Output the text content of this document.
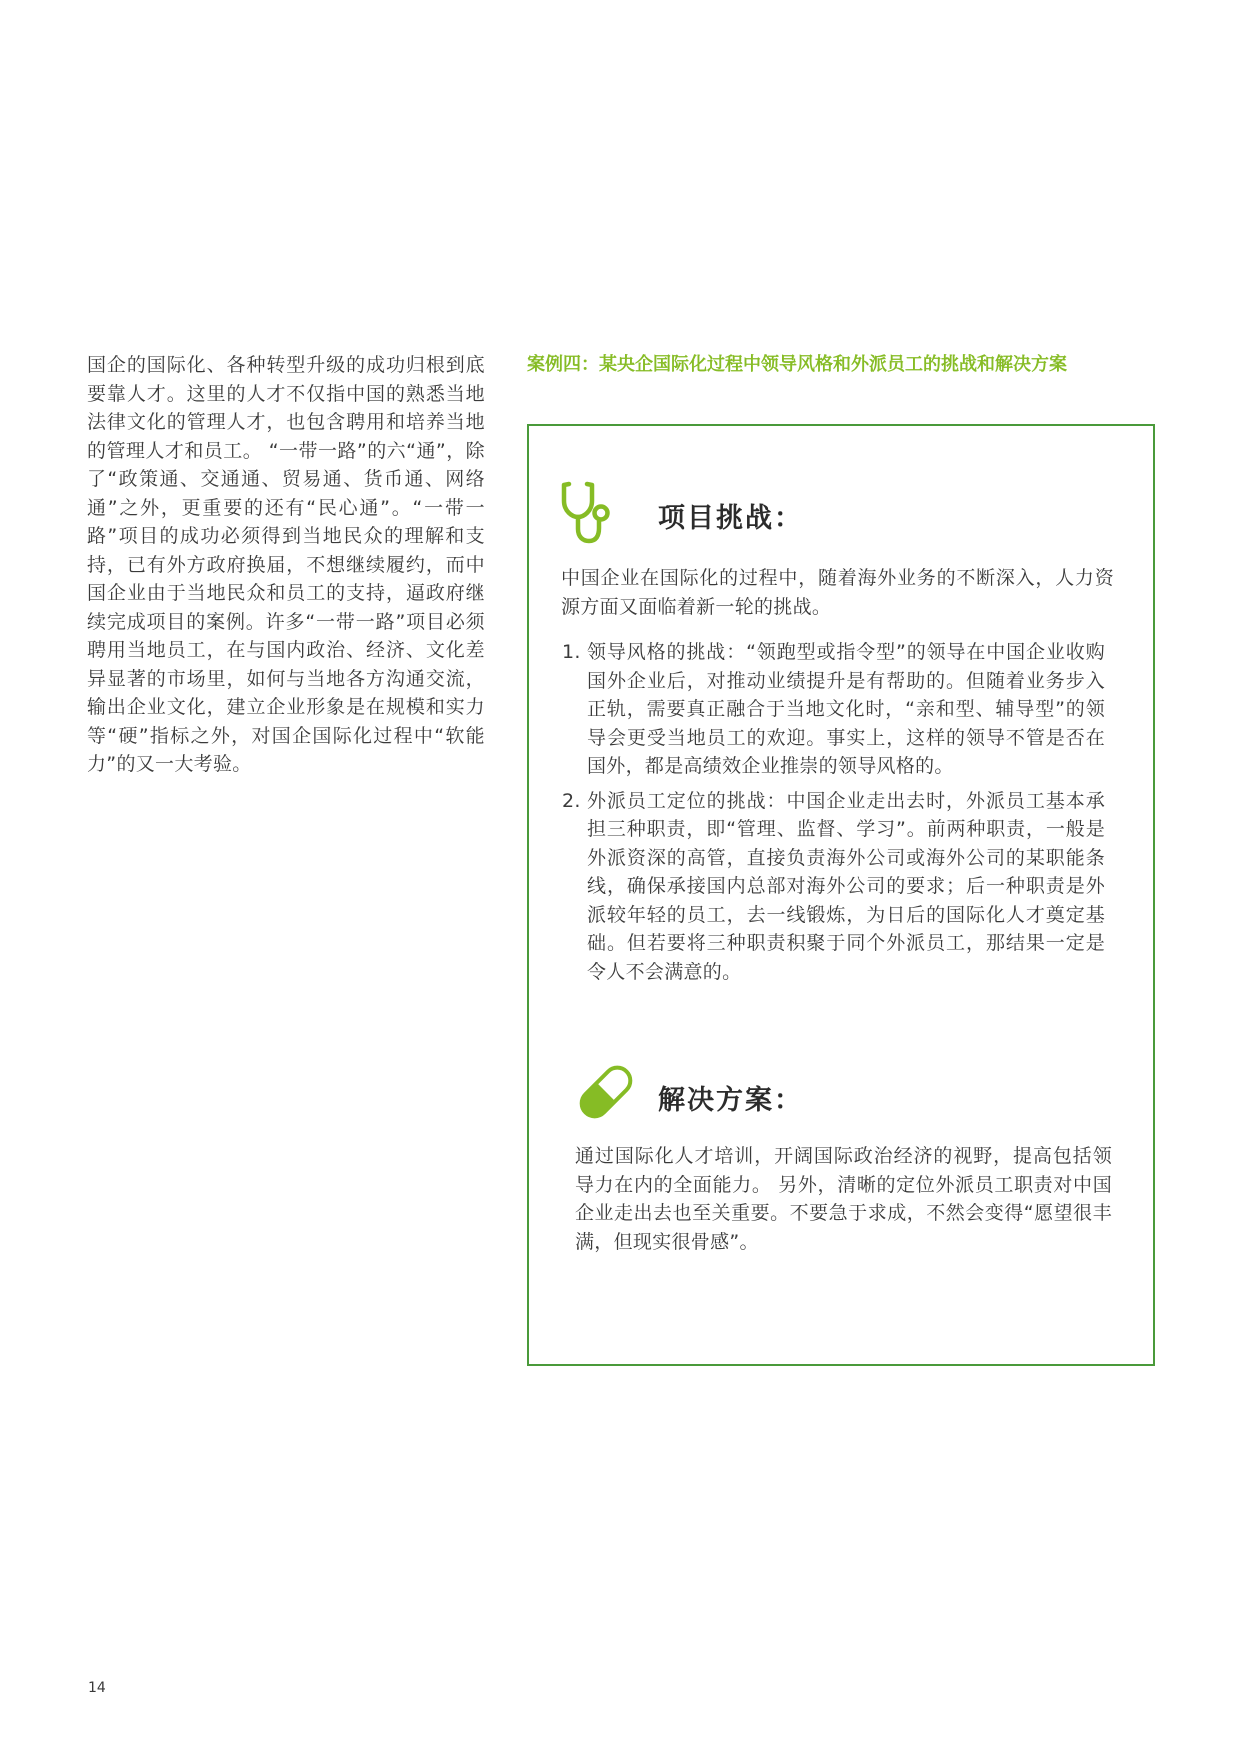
国企的国际化、各种转型升级的成功归根到底要靠人才。这里的人才不仅指中国的熟悉当地法律文化的管理人才，也包含聘用和培养当地的管理人才和员工。 “一带一路”的六“通”，除了“政策通、交通通、贸易通、货币通、网络通”之外，更重要的还有“民心通”。“一带一路”项目的成功必须得到当地民众的理解和支持，已有外方政府换届，不想继续履约，而中国企业由于当地民众和员工的支持，逼政府继续完成项目的案例。许多“一带一路”项目必须聘用当地员工，在与国内政治、经济、文化差异显著的市场里，如何与当地各方沟通交流，输出企业文化，建立企业形象是在规模和实力等“硬”指标之外，对国企国际化过程中“软能力”的又一大考验。
案例四：某央企国际化过程中领导风格和外派员工的挑战和解决方案
项目挑战：
中国企业在国际化的过程中，随着海外业务的不断深入，人力资源方面又面临着新一轮的挑战。
1. 领导风格的挑战：“领跑型或指令型”的领导在中国企业收购国外企业后，对推动业绩提升是有帮助的。但随着业务步入正轨，需要真正融合于当地文化时，“亲和型、辅导型”的领导会更受当地员工的欢迎。事实上，这样的领导不管是否在国外，都是高绩效企业推崇的领导风格的。
2. 外派员工定位的挑战：中国企业走出去时，外派员工基本承担三种职责，即“管理、监督、学习”。前两种职责，一般是外派资深的高管，直接负责海外公司或海外公司的某职能条线，确保承接国内总部对海外公司的要求；后一种职责是外派较年轻的员工，去一线锻炼，为日后的国际化人才奠定基础。但若要将三种职责积聚于同个外派员工，那结果一定是令人不会满意的。
解决方案：
通过国际化人才培训，开阔国际政治经济的视野，提高包括领导力在内的全面能力。 另外，清晰的定位外派员工职责对中国企业走出去也至关重要。不要急于求成，不然会变得“愿望很丰满，但现实很骨感”。
14
